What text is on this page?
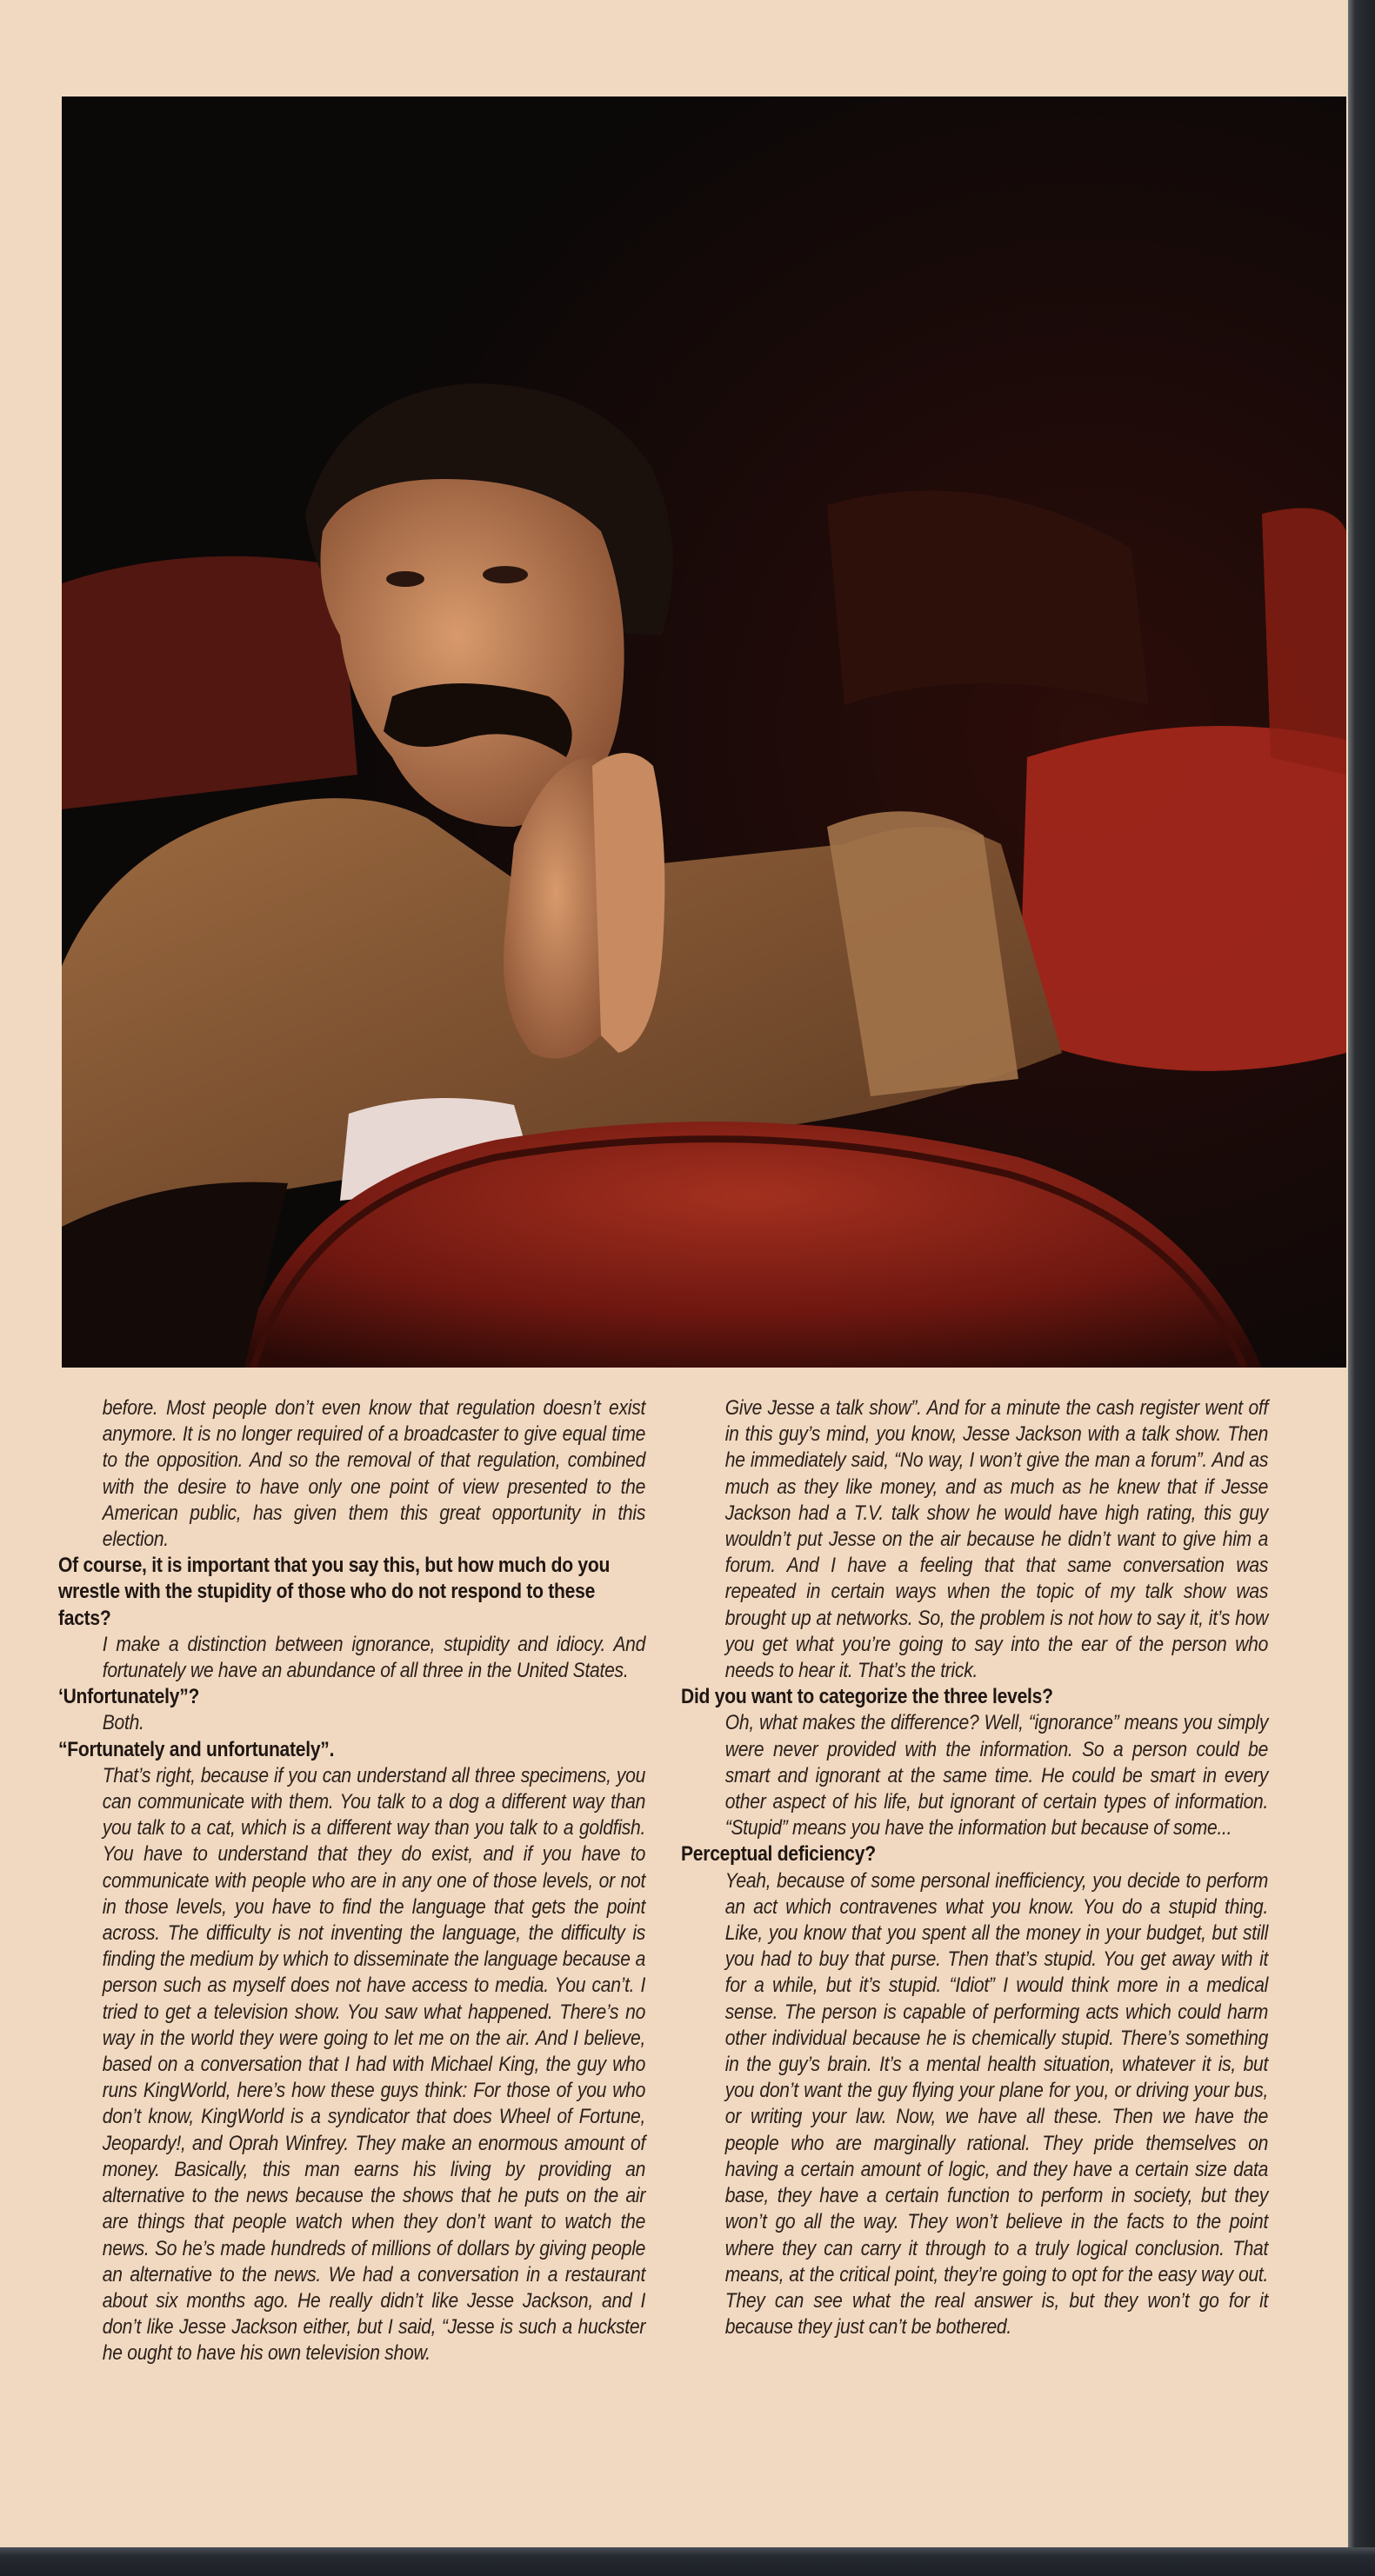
before. Most people don’t even know that regulation doesn’t exist anymore. It is no longer required of a broadcaster to give equal time to the opposition. And so the removal of that regulation, combined with the desire to have only one point of view presented to the American public, has given them this great opportunity in this election.

Of course, it is important that you say this, but how much do you wrestle with the stupidity of those who do not respond to these facts?

I make a distinction between ignorance, stupidity and idiocy. And fortunately we have an abundance of all three in the United States.

‘Unfortunately”?

Both.

“Fortunately and unfortunately”.

That’s right, because if you can understand all three specimens, you can communicate with them. You talk to a dog a different way than you talk to a cat, which is a different way than you talk to a goldfish. You have to understand that they do exist, and if you have to communicate with people who are in any one of those levels, or not in those levels, you have to find the language that gets the point across. The difficulty is not inventing the language, the difficulty is finding the medium by which to disseminate the language because a person such as myself does not have access to media. You can’t. I tried to get a television show. You saw what happened. There’s no way in the world they were going to let me on the air. And I believe, based on a conversation that I had with Michael King, the guy who runs KingWorld, here’s how these guys think: For those of you who don’t know, KingWorld is a syndicator that does Wheel of Fortune, Jeopardy!, and Oprah Winfrey. They make an enormous amount of money. Basically, this man earns his living by providing an alternative to the news because the shows that he puts on the air are things that people watch when they don’t want to watch the news. So he’s made hundreds of millions of dollars by giving people an alternative to the news. We had a conversation in a restaurant about six months ago. He really didn’t like Jesse Jackson, and I don’t like Jesse Jackson either, but I said, “Jesse is such a huckster he ought to have his own television show.

Give Jesse a talk show”. And for a minute the cash register went off in this guy’s mind, you know, Jesse Jackson with a talk show. Then he immediately said, “No way, I won’t give the man a forum”. And as much as they like money, and as much as he knew that if Jesse Jackson had a T.V. talk show he would have high rating, this guy wouldn’t put Jesse on the air because he didn’t want to give him a forum. And I have a feeling that that same conversation was repeated in certain ways when the topic of my talk show was brought up at networks. So, the problem is not how to say it, it’s how you get what you’re going to say into the ear of the person who needs to hear it. That’s the trick.

Did you want to categorize the three levels?

Oh, what makes the difference? Well, “ignorance” means you simply were never provided with the information. So a person could be smart and ignorant at the same time. He could be smart in every other aspect of his life, but ignorant of certain types of information. “Stupid” means you have the information but because of some...

Perceptual deficiency?

Yeah, because of some personal inefficiency, you decide to perform an act which contravenes what you know. You do a stupid thing. Like, you know that you spent all the money in your budget, but still you had to buy that purse. Then that’s stupid. You get away with it for a while, but it’s stupid. “Idiot” I would think more in a medical sense. The person is capable of performing acts which could harm other individual because he is chemically stupid. There’s something in the guy’s brain. It’s a mental health situation, whatever it is, but you don’t want the guy flying your plane for you, or driving your bus, or writing your law. Now, we have all these. Then we have the people who are marginally rational. They pride themselves on having a certain amount of logic, and they have a certain size data base, they have a certain function to perform in society, but they won’t go all the way. They won’t believe in the facts to the point where they can carry it through to a truly logical conclusion. That means, at the critical point, they’re going to opt for the easy way out. They can see what the real answer is, but they won’t go for it because they just can’t be bothered.
